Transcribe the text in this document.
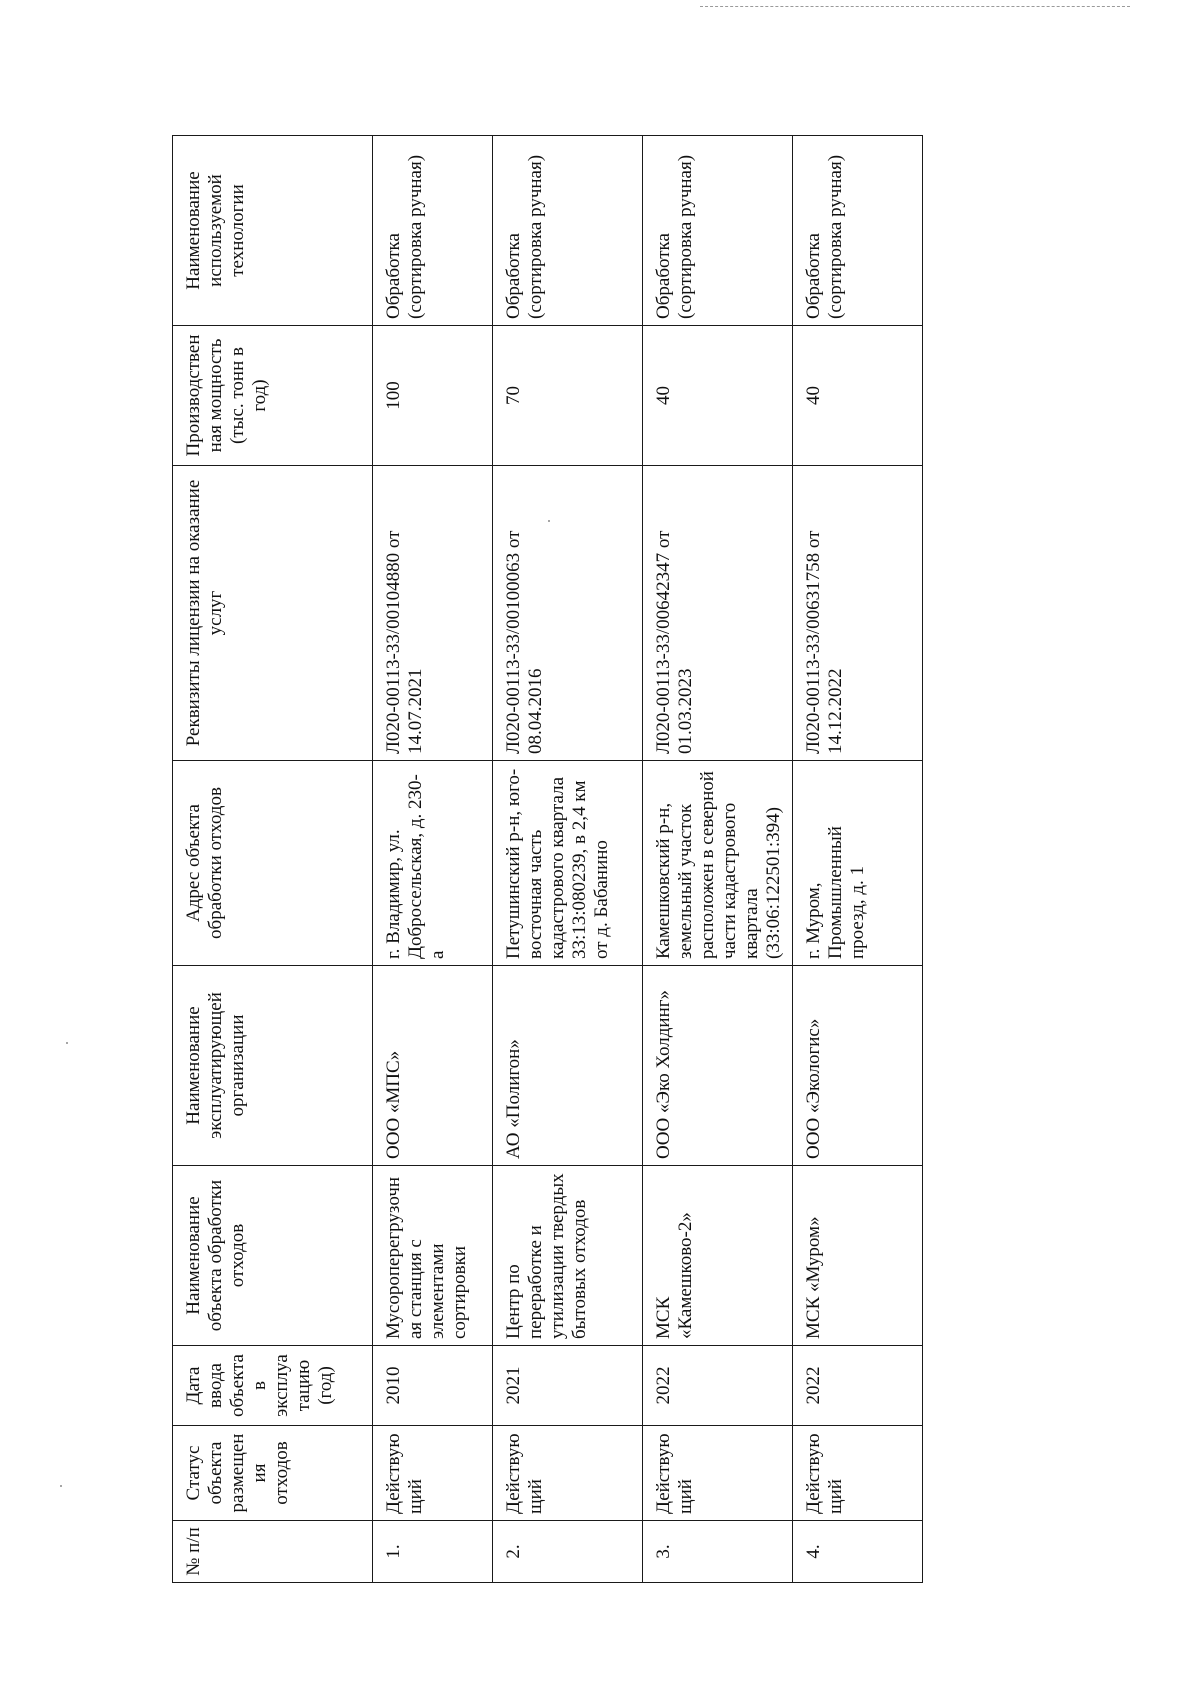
№ п/п	Статус объекта размещения отходов	Дата ввода объекта в эксплуатацию (год)	Наименование объекта обработки отходов	Наименование эксплуатирующей организации	Адрес объекта обработки отходов	Реквизиты лицензии на оказание услуг	Производственная мощность (тыс. тонн в год)	Наименование используемой технологии
1.	Действующий	2010	Мусороперегрузочная станция с элементами сортировки	ООО «МПС»	г. Владимир, ул. Добросельская, д. 230-а	Л020-00113-33/00104880 от 14.07.2021	100	Обработка (сортировка ручная)
2.	Действующий	2021	Центр по переработке и утилизации твердых бытовых отходов	АО «Полигон»	Петушинский р-н, юго-восточная часть кадастрового квартала 33:13:080239, в 2,4 км от д. Бабанино	Л020-00113-33/00100063 от 08.04.2016	70	Обработка (сортировка ручная)
3.	Действующий	2022	МСК «Камешково-2»	ООО «Эко Холдинг»	Камешковский р-н, земельный участок расположен в северной части кадастрового квартала (33:06:122501:394)	Л020-00113-33/00642347 от 01.03.2023	40	Обработка (сортировка ручная)
4.	Действующий	2022	МСК «Муром»	ООО «Экологис»	г. Муром, Промышленный проезд, д. 1	Л020-00113-33/00631758 от 14.12.2022	40	Обработка (сортировка ручная)
